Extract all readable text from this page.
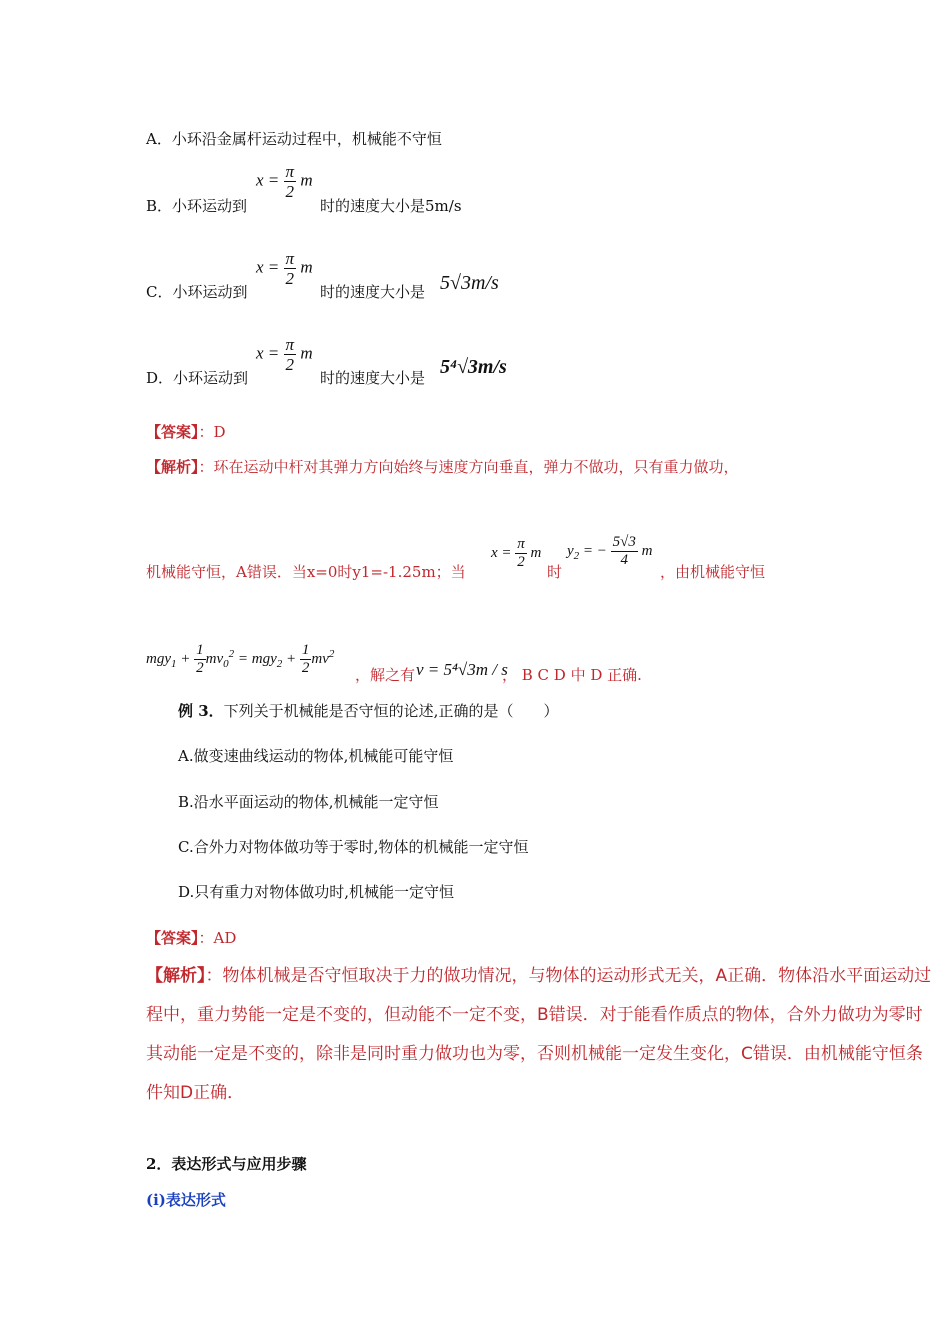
A．小环沿金属杆运动过程中，机械能不守恒
$x = \frac{\pi}{2}$ m
B．小环运动到	时的速度大小是5m/s
$x = \frac{\pi}{2}$ m
C．小环运动到	时的速度大小是 5√3m/s
$x = \frac{\pi}{2}$ m
D．小环运动到	时的速度大小是 5⁴√3m/s
【答案】：D
【解析】：环在运动中杆对其弹力方向始终与速度方向垂直，弹力不做功，只有重力做功，
机械能守恒，A错误．当x=0时y1=-1.25m；当
$x = \frac{\pi}{2}$ m
时
$y_2$ = − $\frac{5√3}{4}$ m
，由机械能守恒
$mgy_1 + \frac{1}{2} mv_0^2 = mgy_2 + \frac{1}{2} mv^2$
，解之有 v = 5⁴√3m / s
， B C D 中 D 正确.
例 3．下列关于机械能是否守恒的论述,正确的是（　　）
A.做变速曲线运动的物体,机械能可能守恒
B.沿水平面运动的物体,机械能一定守恒
C.合外力对物体做功等于零时,物体的机械能一定守恒
D.只有重力对物体做功时,机械能一定守恒
【答案】：AD
【解析】：物体机械是否守恒取决于力的做功情况，与物体的运动形式无关，A正确．物体沿水平面运动过
程中，重力势能一定是不变的，但动能不一定不变，B错误．对于能看作质点的物体，合外力做功为零时
其动能一定是不变的，除非是同时重力做功也为零，否则机械能一定发生变化，C错误．由机械能守恒条
件知D正确．
2．表达形式与应用步骤
(i)表达形式
